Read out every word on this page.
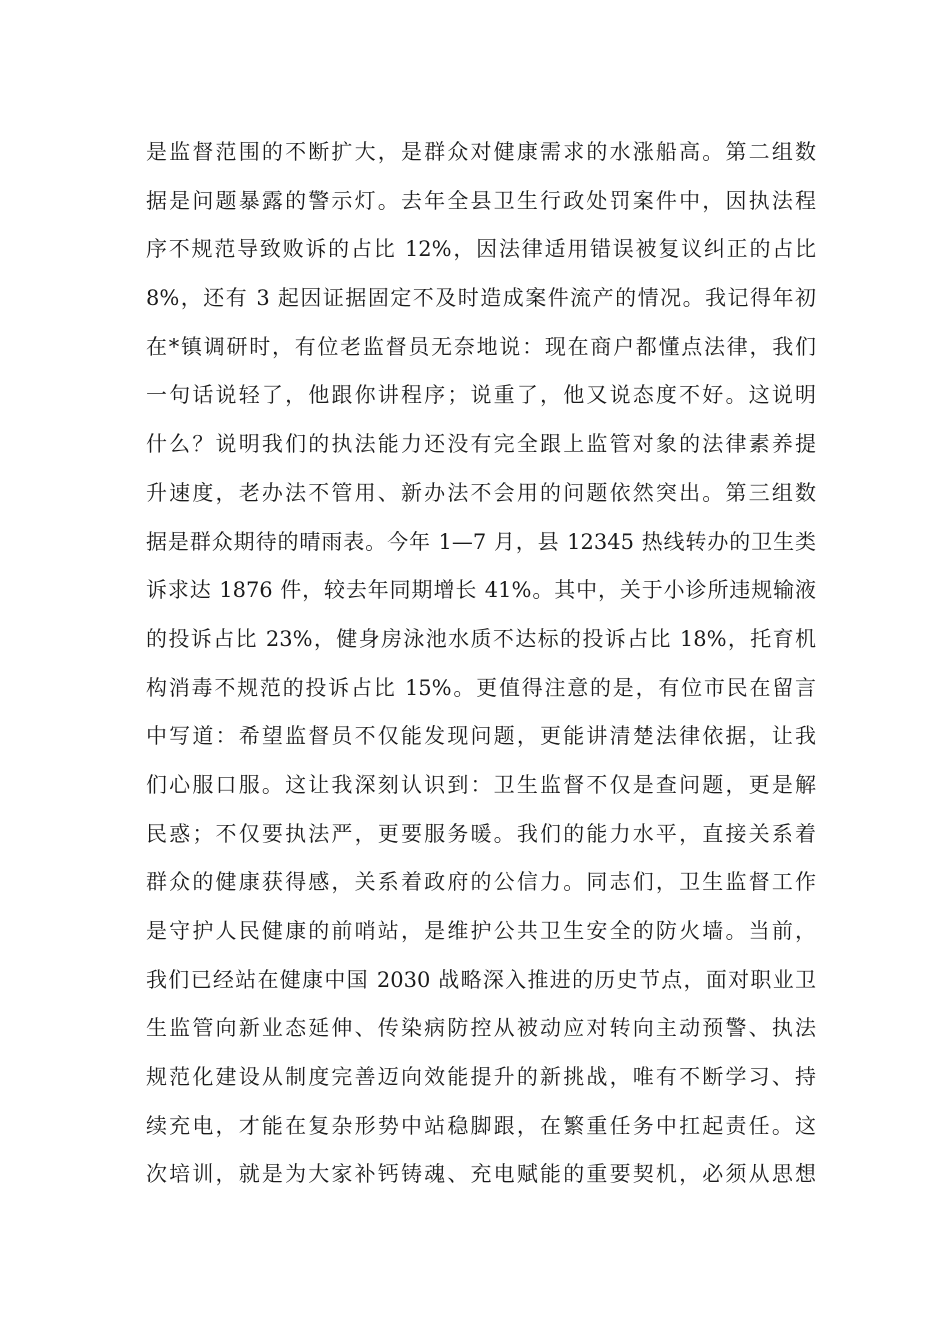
是监督范围的不断扩大，是群众对健康需求的水涨船高。第二组数
据是问题暴露的警示灯。去年全县卫生行政处罚案件中，因执法程
序不规范导致败诉的占比 12%，因法律适用错误被复议纠正的占比
8%，还有 3 起因证据固定不及时造成案件流产的情况。我记得年初
在*镇调研时，有位老监督员无奈地说：现在商户都懂点法律，我们
一句话说轻了，他跟你讲程序；说重了，他又说态度不好。这说明
什么？说明我们的执法能力还没有完全跟上监管对象的法律素养提
升速度，老办法不管用、新办法不会用的问题依然突出。第三组数
据是群众期待的晴雨表。今年 1—7 月，县 12345 热线转办的卫生类
诉求达 1876 件，较去年同期增长 41%。其中，关于小诊所违规输液
的投诉占比 23%，健身房泳池水质不达标的投诉占比 18%，托育机
构消毒不规范的投诉占比 15%。更值得注意的是，有位市民在留言
中写道：希望监督员不仅能发现问题，更能讲清楚法律依据，让我
们心服口服。这让我深刻认识到：卫生监督不仅是查问题，更是解
民惑；不仅要执法严，更要服务暖。我们的能力水平，直接关系着
群众的健康获得感，关系着政府的公信力。同志们，卫生监督工作
是守护人民健康的前哨站，是维护公共卫生安全的防火墙。当前，
我们已经站在健康中国 2030 战略深入推进的历史节点，面对职业卫
生监管向新业态延伸、传染病防控从被动应对转向主动预警、执法
规范化建设从制度完善迈向效能提升的新挑战，唯有不断学习、持
续充电，才能在复杂形势中站稳脚跟，在繁重任务中扛起责任。这
次培训，就是为大家补钙铸魂、充电赋能的重要契机，必须从思想
